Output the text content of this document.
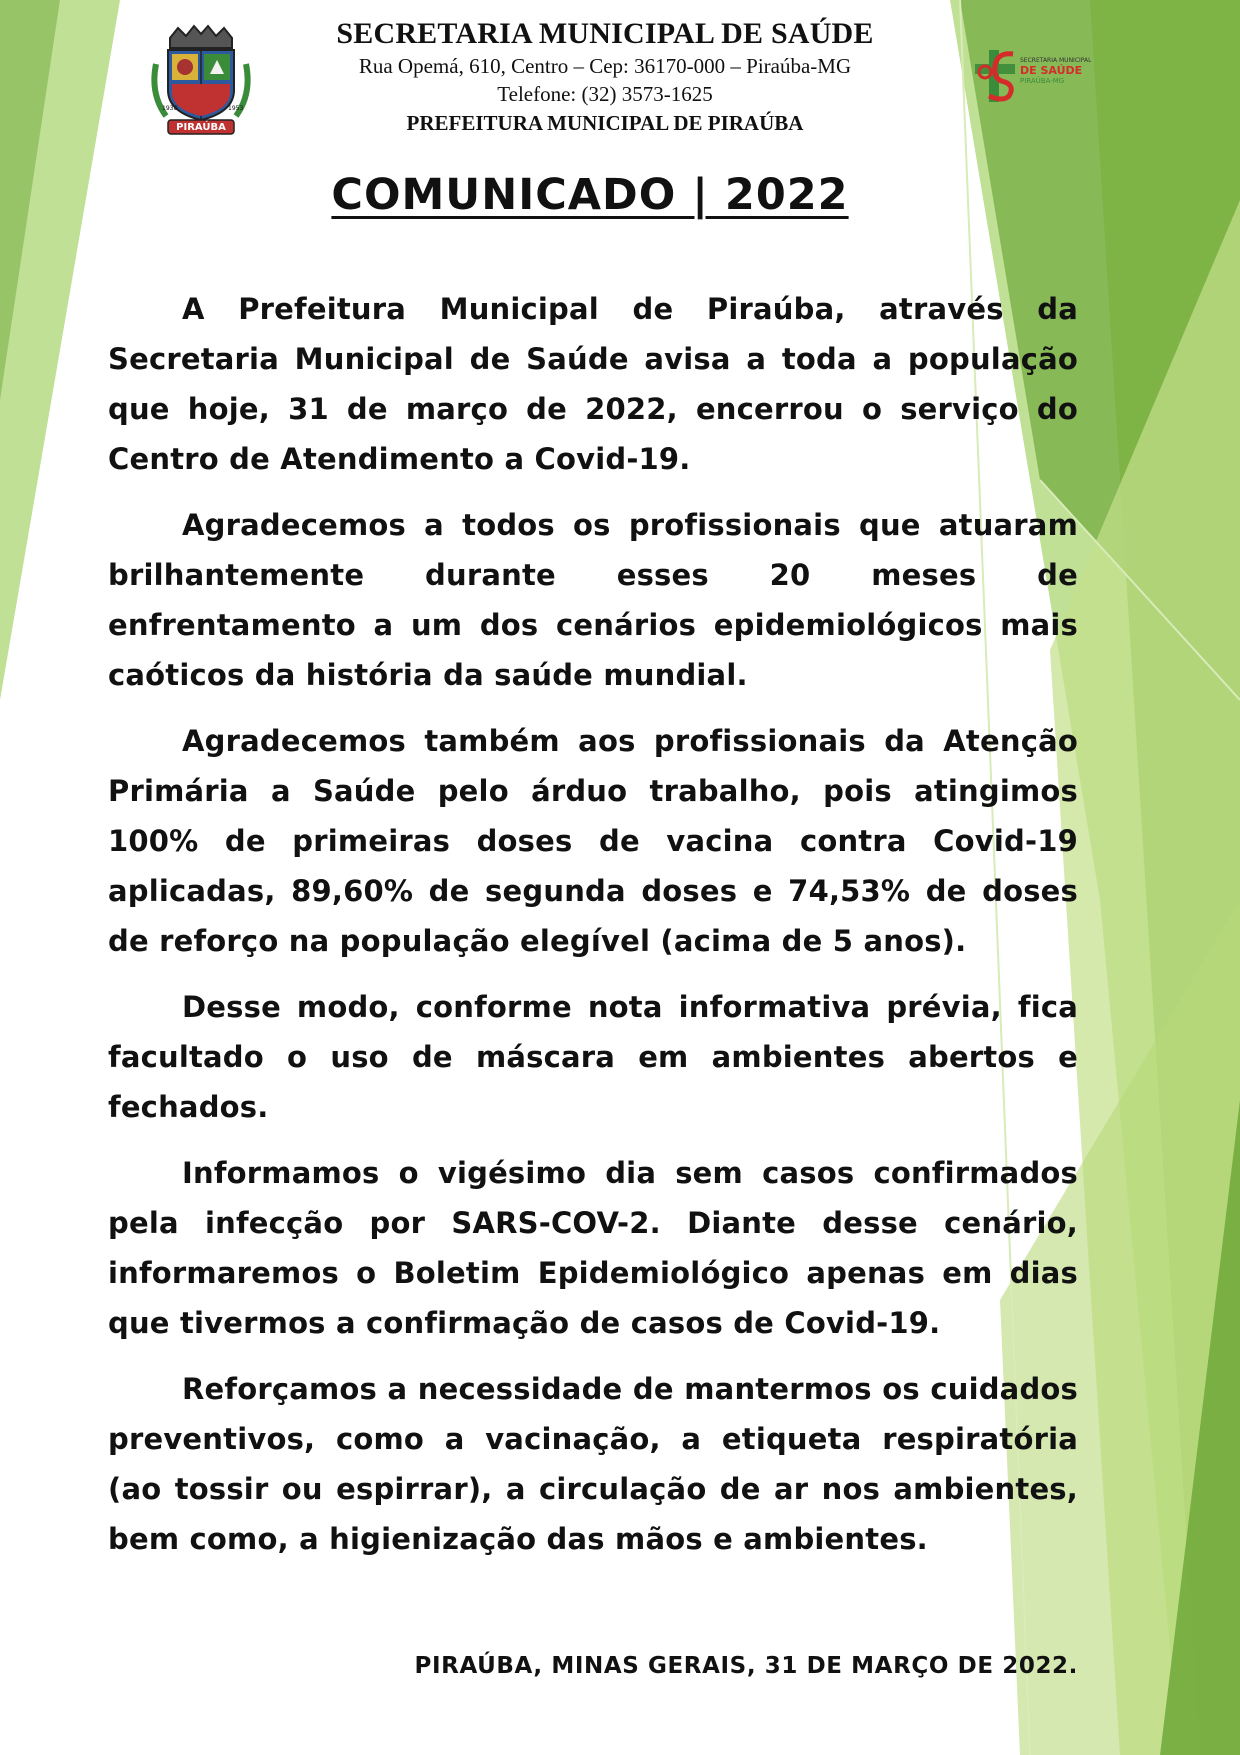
1938	1953
PIRAÚBA
SECRETARIA MUNICIPAL DE SAÚDE
Rua Opemá, 610, Centro – Cep: 36170-000 – Piraúba-MG
Telefone: (32) 3573-1625
PREFEITURA MUNICIPAL DE PIRAÚBA
SECRETARIA MUNICIPAL
DE SAÚDE
PIRAÚBA-MG
COMUNICADO | 2022

A Prefeitura Municipal de Piraúba, através da Secretaria Municipal de Saúde avisa a toda a população que hoje, 31 de março de 2022, encerrou o serviço do Centro de Atendimento a Covid-19.

Agradecemos a todos os profissionais que atuaram brilhantemente durante esses 20 meses de enfrentamento a um dos cenários epidemiológicos mais caóticos da história da saúde mundial.

Agradecemos também aos profissionais da Atenção Primária a Saúde pelo árduo trabalho, pois atingimos 100% de primeiras doses de vacina contra Covid-19 aplicadas, 89,60% de segunda doses e 74,53% de doses de reforço na população elegível (acima de 5 anos).

Desse modo, conforme nota informativa prévia, fica facultado o uso de máscara em ambientes abertos e fechados.

Informamos o vigésimo dia sem casos confirmados pela infecção por SARS-COV-2. Diante desse cenário, informaremos o Boletim Epidemiológico apenas em dias que tivermos a confirmação de casos de Covid-19.

Reforçamos a necessidade de mantermos os cuidados preventivos, como a vacinação, a etiqueta respiratória (ao tossir ou espirrar), a circulação de ar nos ambientes, bem como, a higienização das mãos e ambientes.

PIRAÚBA, MINAS GERAIS, 31 DE MARÇO DE 2022.
